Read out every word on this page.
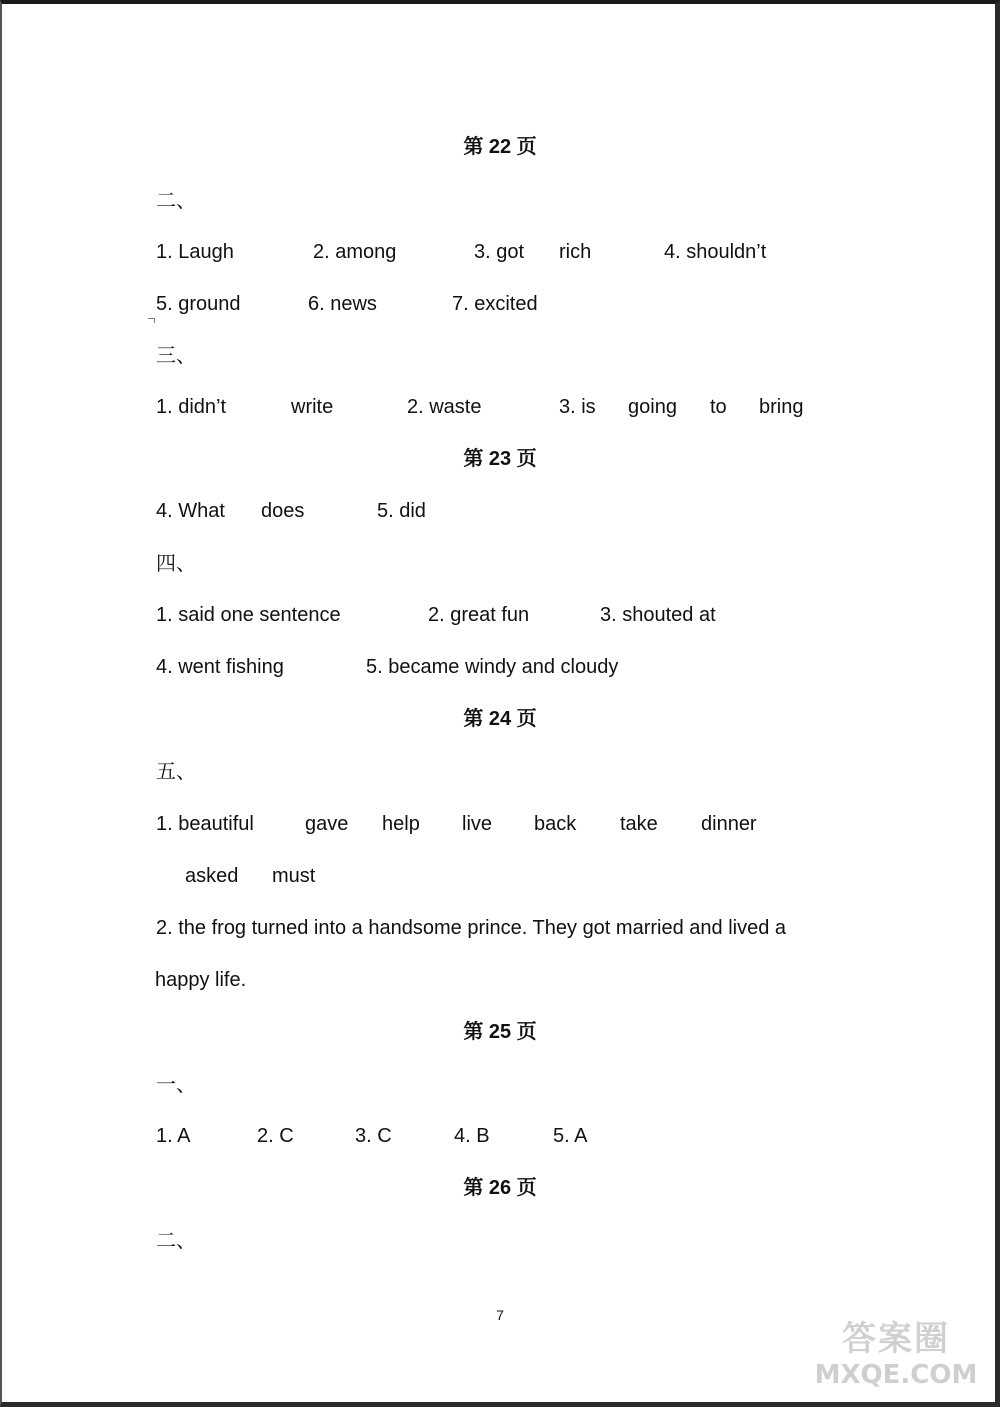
第 22 页
二、
1. Laugh	2. among	3. got rich	4. shouldn’t
5. ground	6. news	7. excited
三、
1. didn’t	write	2. waste	3. is going to bring
第 23 页
4. What does	5. did
四、
1. said one sentence	2. great fun	3. shouted at
4. went fishing	5. became windy and cloudy
第 24 页
五、
1. beautiful	gave help live back take dinner
asked must
2. the frog turned into a handsome prince. They got married and lived a
happy life.
第 25 页
一、
1. A	2. C	3. C	4. B	5. A
第 26 页
二、
7
答案圈
MXQE.COM
